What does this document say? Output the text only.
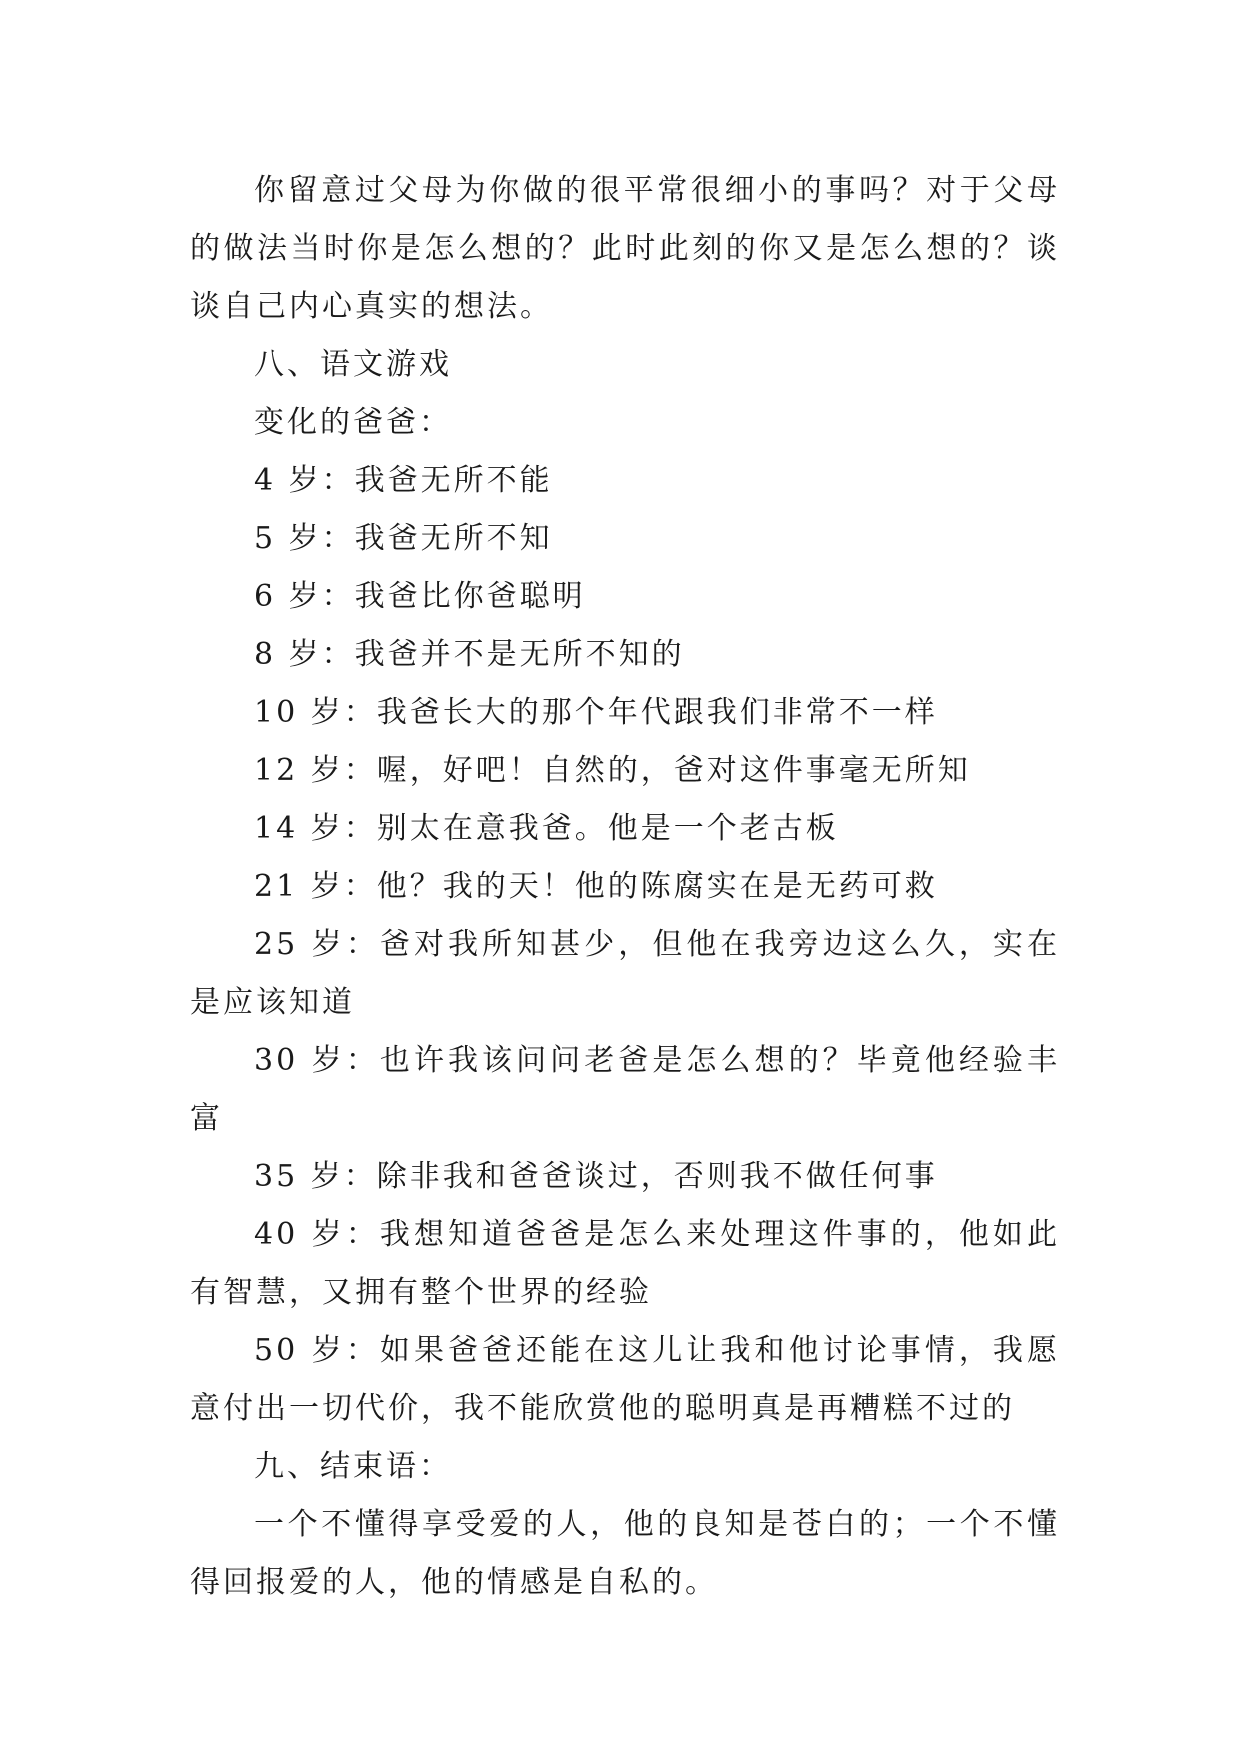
你留意过父母为你做的很平常很细小的事吗？对于父母的做法当时你是怎么想的？此时此刻的你又是怎么想的？谈谈自己内心真实的想法。

八、语文游戏

变化的爸爸：

4 岁：我爸无所不能

5 岁：我爸无所不知

6 岁：我爸比你爸聪明

8 岁：我爸并不是无所不知的

10 岁：我爸长大的那个年代跟我们非常不一样

12 岁：喔，好吧！自然的，爸对这件事毫无所知

14 岁：别太在意我爸。他是一个老古板

21 岁：他？我的天！他的陈腐实在是无药可救

25 岁：爸对我所知甚少，但他在我旁边这么久，实在是应该知道

30 岁：也许我该问问老爸是怎么想的？毕竟他经验丰富

35 岁：除非我和爸爸谈过，否则我不做任何事

40 岁：我想知道爸爸是怎么来处理这件事的，他如此有智慧，又拥有整个世界的经验

50 岁：如果爸爸还能在这儿让我和他讨论事情，我愿意付出一切代价，我不能欣赏他的聪明真是再糟糕不过的

九、结束语：

一个不懂得享受爱的人，他的良知是苍白的；一个不懂得回报爱的人，他的情感是自私的。
